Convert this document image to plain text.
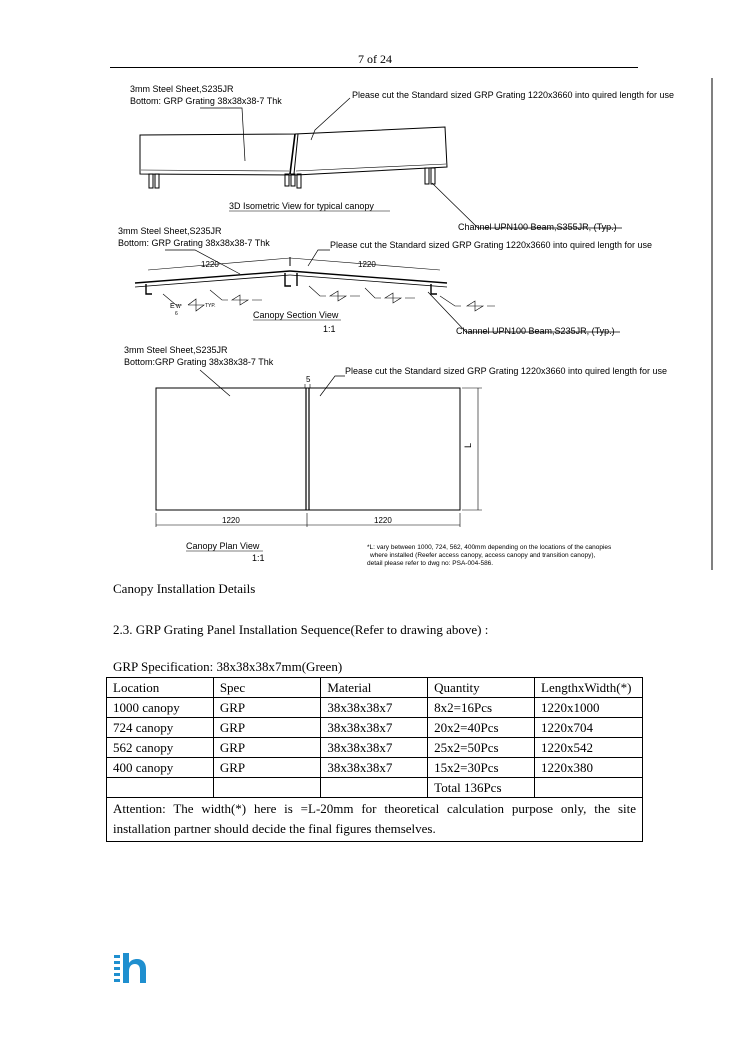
7 of 24
3mm Steel Sheet,S235JR
Bottom: GRP Grating 38x38x38-7 Thk
Please cut the Standard sized GRP Grating 1220x3660 into quired length for use
3D Isometric View for typical canopy
Channel UPN100 Beam,S355JR, (Typ.)
3mm Steel Sheet,S235JR
Bottom: GRP Grating 38x38x38-7 Thk	Please cut the Standard sized GRP Grating 1220x3660 into quired length for use
1220	1220
E W
6
TYP.
Canopy Section View
1:1	Channel UPN100 Beam,S235JR, (Typ.)
3mm Steel Sheet,S235JR
Bottom:GRP Grating 38x38x38-7 Thk
Please cut the Standard sized GRP Grating 1220x3660 into quired length for use
5
L
1220	1220
Canopy Plan View
1:1
*L: vary between 1000, 724, 562, 400mm depending on the locations of the canopies
where installed (Reefer access canopy, access canopy and transition canopy),
detail please refer to dwg no: PSA-004-586.
Canopy Installation Details
2.3. GRP Grating Panel Installation Sequence(Refer to drawing above) :
GRP Specification: 38x38x38x7mm(Green)
Location	Spec	Material	Quantity	LengthxWidth(*)
1000 canopy	GRP	38x38x38x7	8x2=16Pcs	1220x1000
724 canopy	GRP	38x38x38x7	20x2=40Pcs	1220x704
562 canopy	GRP	38x38x38x7	25x2=50Pcs	1220x542
400 canopy	GRP	38x38x38x7	15x2=30Pcs	1220x380
			Total 136Pcs	
Attention: The width(*) here is =L-20mm for theoretical calculation purpose only, the site installation partner should decide the final figures themselves.				
